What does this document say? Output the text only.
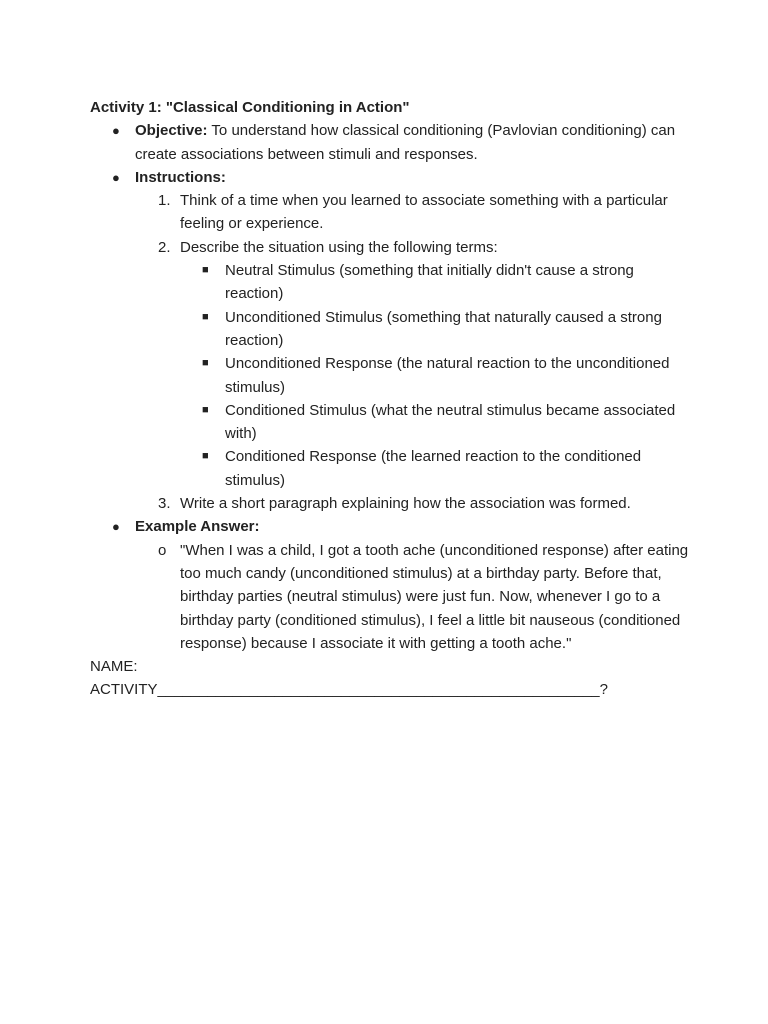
Activity 1: "Classical Conditioning in Action"

● Objective: To understand how classical conditioning (Pavlovian conditioning) can create associations between stimuli and responses.
● Instructions:
1. Think of a time when you learned to associate something with a particular feeling or experience.
2. Describe the situation using the following terms:
■ Neutral Stimulus (something that initially didn't cause a strong reaction)
■ Unconditioned Stimulus (something that naturally caused a strong reaction)
■ Unconditioned Response (the natural reaction to the unconditioned stimulus)
■ Conditioned Stimulus (what the neutral stimulus became associated with)
■ Conditioned Response (the learned reaction to the conditioned stimulus)
3. Write a short paragraph explaining how the association was formed.
● Example Answer:
o "When I was a child, I got a tooth ache (unconditioned response) after eating too much candy (unconditioned stimulus) at a birthday party. Before that, birthday parties (neutral stimulus) were just fun. Now, whenever I go to a birthday party (conditioned stimulus), I feel a little bit nauseous (conditioned response) because I associate it with getting a tooth ache."
NAME:
ACTIVITY_____________________________________________________?
